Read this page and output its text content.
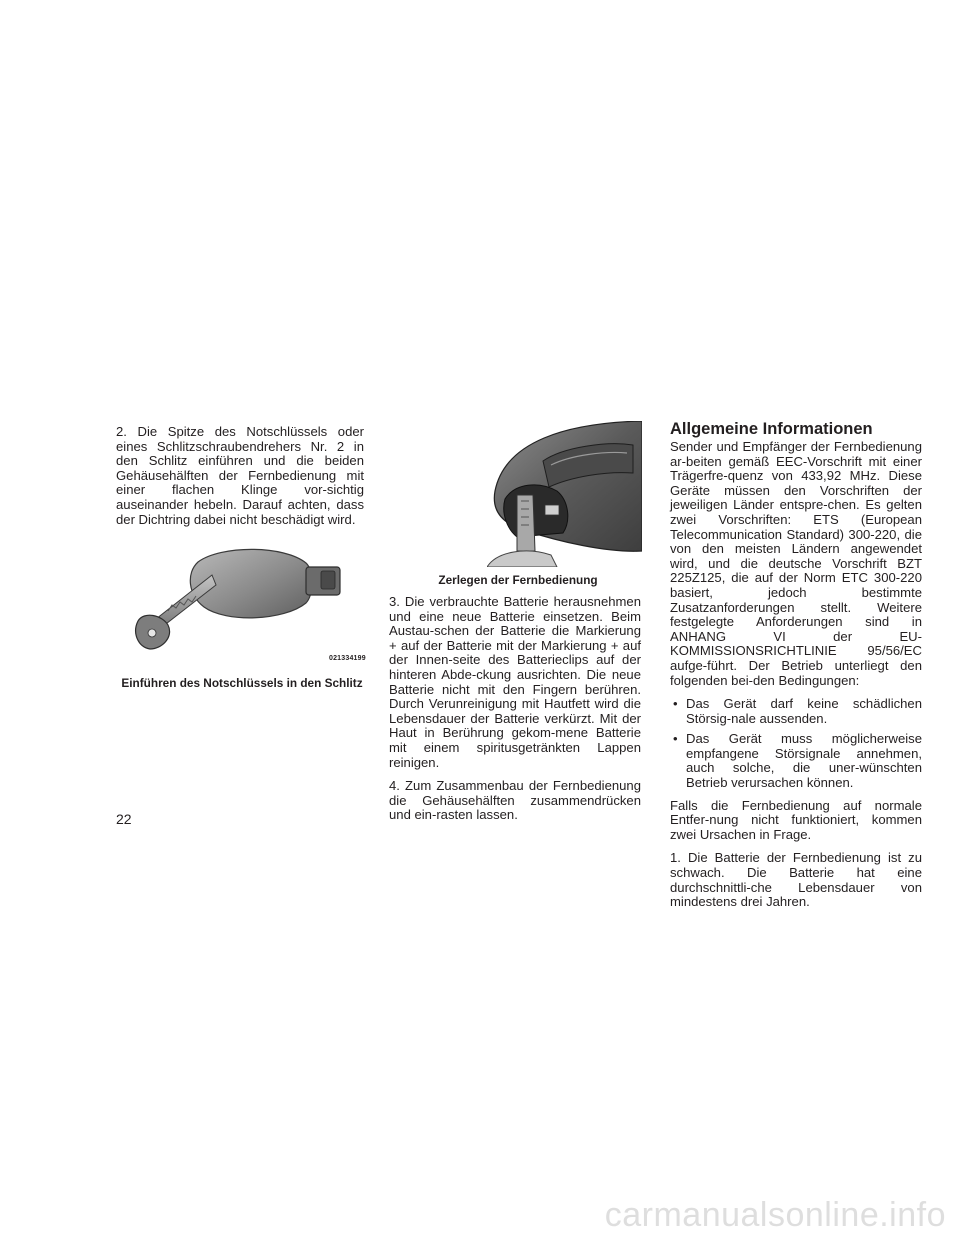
2. Die Spitze des Notschlüssels oder eines Schlitzschraubendrehers Nr. 2 in den Schlitz einführen und die beiden Gehäusehälften der Fernbedienung mit einer flachen Klinge vor-sichtig auseinander hebeln. Darauf achten, dass der Dichtring dabei nicht beschädigt wird.

021334199
Einführen des Notschlüssels in den Schlitz
021334198
Zerlegen der Fernbedienung

3. Die verbrauchte Batterie herausnehmen und eine neue Batterie einsetzen. Beim Austau-schen der Batterie die Markierung + auf der Batterie mit der Markierung + auf der Innen-seite des Batterieclips auf der hinteren Abde-ckung ausrichten. Die neue Batterie nicht mit den Fingern berühren. Durch Verunreinigung mit Hautfett wird die Lebensdauer der Batterie verkürzt. Mit der Haut in Berührung gekom-mene Batterie mit einem spiritusgetränkten Lappen reinigen.

4. Zum Zusammenbau der Fernbedienung die Gehäusehälften zusammendrücken und ein-rasten lassen.

Allgemeine Informationen

Sender und Empfänger der Fernbedienung ar-beiten gemäß EEC-Vorschrift mit einer Trägerfre-quenz von 433,92 MHz. Diese Geräte müssen den Vorschriften der jeweiligen Länder entspre-chen. Es gelten zwei Vorschriften: ETS (European Telecommunication Standard) 300-220, die von den meisten Ländern angewendet wird, und die deutsche Vorschrift BZT 225Z125, die auf der Norm ETC 300-220 basiert, jedoch bestimmte Zusatzanforderungen stellt. Weitere festgelegte Anforderungen sind in ANHANG VI der EU-KOMMISSIONSRICHTLINIE 95/56/EC aufge-führt. Der Betrieb unterliegt den folgenden bei-den Bedingungen:

• Das Gerät darf keine schädlichen Störsig-nale aussenden.
• Das Gerät muss möglicherweise empfangene Störsignale annehmen, auch solche, die uner-wünschten Betrieb verursachen können.

Falls die Fernbedienung auf normale Entfer-nung nicht funktioniert, kommen zwei Ursachen in Frage.

1. Die Batterie der Fernbedienung ist zu schwach. Die Batterie hat eine durchschnittli-che Lebensdauer von mindestens drei Jahren.

22
carmanualsonline.info
